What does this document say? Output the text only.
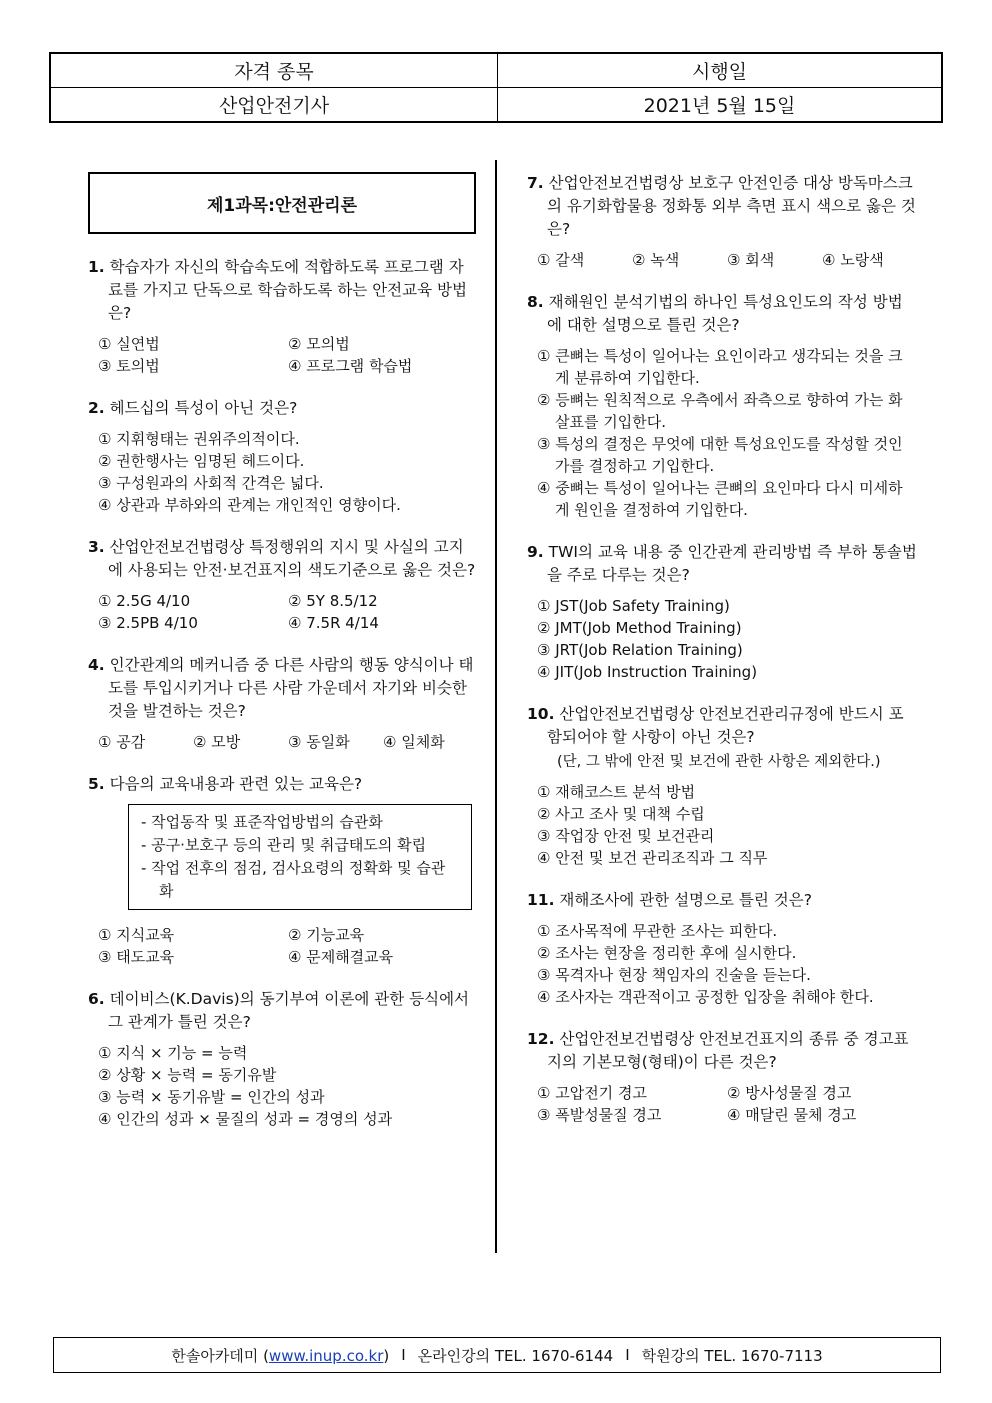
자격 종목	시행일
산업안전기사	2021년 5월 15일
제1과목:안전관리론
1. 학습자가 자신의 학습속도에 적합하도록 프로그램 자료를 가지고 단독으로 학습하도록 하는 안전교육 방법은?
① 실연법	② 모의법
③ 토의법	④ 프로그램 학습법
2. 헤드십의 특성이 아닌 것은?
① 지휘형태는 권위주의적이다.
② 권한행사는 임명된 헤드이다.
③ 구성원과의 사회적 간격은 넓다.
④ 상관과 부하와의 관계는 개인적인 영향이다.
3. 산업안전보건법령상 특정행위의 지시 및 사실의 고지에 사용되는 안전·보건표지의 색도기준으로 옳은 것은?
① 2.5G 4/10	② 5Y 8.5/12
③ 2.5PB 4/10	④ 7.5R 4/14
4. 인간관계의 메커니즘 중 다른 사람의 행동 양식이나 태도를 투입시키거나 다른 사람 가운데서 자기와 비슷한 것을 발견하는 것은?
① 공감	② 모방	③ 동일화	④ 일체화
5. 다음의 교육내용과 관련 있는 교육은?
- 작업동작 및 표준작업방법의 습관화
- 공구·보호구 등의 관리 및 취급태도의 확립
- 작업 전후의 점검, 검사요령의 정확화 및 습관화
① 지식교육	② 기능교육
③ 태도교육	④ 문제해결교육
6. 데이비스(K.Davis)의 동기부여 이론에 관한 등식에서 그 관계가 틀린 것은?
① 지식 × 기능 = 능력
② 상황 × 능력 = 동기유발
③ 능력 × 동기유발 = 인간의 성과
④ 인간의 성과 × 물질의 성과 = 경영의 성과
7. 산업안전보건법령상 보호구 안전인증 대상 방독마스크의 유기화합물용 정화통 외부 측면 표시 색으로 옳은 것은?
① 갈색	② 녹색	③ 회색	④ 노랑색
8. 재해원인 분석기법의 하나인 특성요인도의 작성 방법에 대한 설명으로 틀린 것은?
① 큰뼈는 특성이 일어나는 요인이라고 생각되는 것을 크게 분류하여 기입한다.
② 등뼈는 원칙적으로 우측에서 좌측으로 향하여 가는 화살표를 기입한다.
③ 특성의 결정은 무엇에 대한 특성요인도를 작성할 것인가를 결정하고 기입한다.
④ 중뼈는 특성이 일어나는 큰뼈의 요인마다 다시 미세하게 원인을 결정하여 기입한다.
9. TWI의 교육 내용 중 인간관계 관리방법 즉 부하 통솔법을 주로 다루는 것은?
① JST(Job Safety Training)
② JMT(Job Method Training)
③ JRT(Job Relation Training)
④ JIT(Job Instruction Training)
10. 산업안전보건법령상 안전보건관리규정에 반드시 포함되어야 할 사항이 아닌 것은?
(단, 그 밖에 안전 및 보건에 관한 사항은 제외한다.)
① 재해코스트 분석 방법
② 사고 조사 및 대책 수립
③ 작업장 안전 및 보건관리
④ 안전 및 보건 관리조직과 그 직무
11. 재해조사에 관한 설명으로 틀린 것은?
① 조사목적에 무관한 조사는 피한다.
② 조사는 현장을 정리한 후에 실시한다.
③ 목격자나 현장 책임자의 진술을 듣는다.
④ 조사자는 객관적이고 공정한 입장을 취해야 한다.
12. 산업안전보건법령상 안전보건표지의 종류 중 경고표지의 기본모형(형태)이 다른 것은?
① 고압전기 경고	② 방사성물질 경고
③ 폭발성물질 경고	④ 매달린 물체 경고
한솔아카데미 (www.inup.co.kr) I 온라인강의 TEL. 1670-6144 I 학원강의 TEL. 1670-7113
